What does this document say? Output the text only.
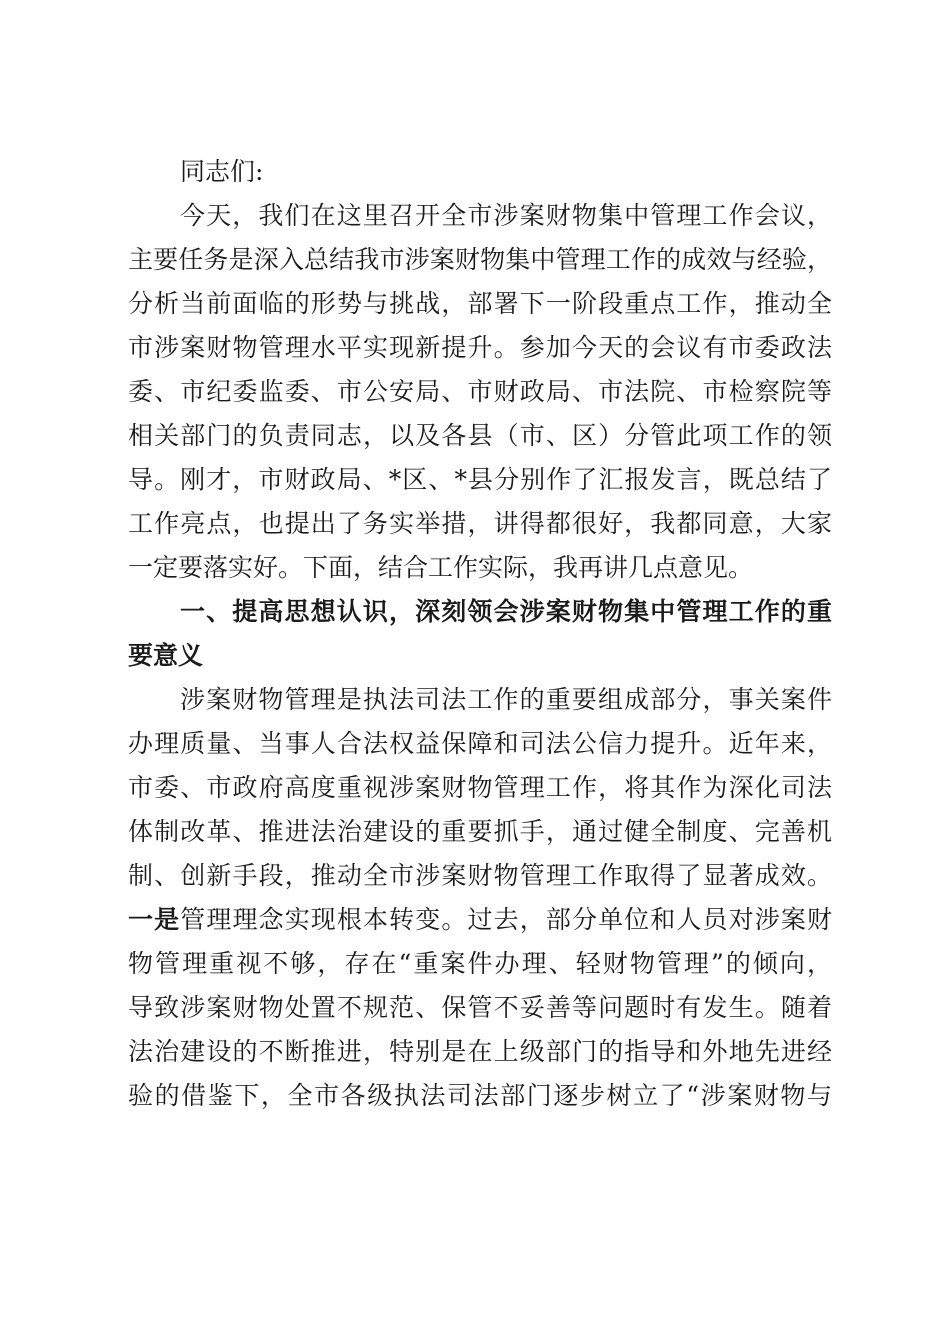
同志们:
今天，我们在这里召开全市涉案财物集中管理工作会议，
主要任务是深入总结我市涉案财物集中管理工作的成效与经验，
分析当前面临的形势与挑战，部署下一阶段重点工作，推动全
市涉案财物管理水平实现新提升。参加今天的会议有市委政法
委、市纪委监委、市公安局、市财政局、市法院、市检察院等
相关部门的负责同志，以及各县（市、区）分管此项工作的领
导。刚才，市财政局、*区、*县分别作了汇报发言，既总结了
工作亮点，也提出了务实举措，讲得都很好，我都同意，大家
一定要落实好。下面，结合工作实际，我再讲几点意见。
一、提高思想认识，深刻领会涉案财物集中管理工作的重
要意义
涉案财物管理是执法司法工作的重要组成部分，事关案件
办理质量、当事人合法权益保障和司法公信力提升。近年来，
市委、市政府高度重视涉案财物管理工作，将其作为深化司法
体制改革、推进法治建设的重要抓手，通过健全制度、完善机
制、创新手段，推动全市涉案财物管理工作取得了显著成效。
一是管理理念实现根本转变。过去，部分单位和人员对涉案财
物管理重视不够，存在“重案件办理、轻财物管理”的倾向，
导致涉案财物处置不规范、保管不妥善等问题时有发生。随着
法治建设的不断推进，特别是在上级部门的指导和外地先进经
验的借鉴下，全市各级执法司法部门逐步树立了“涉案财物与
